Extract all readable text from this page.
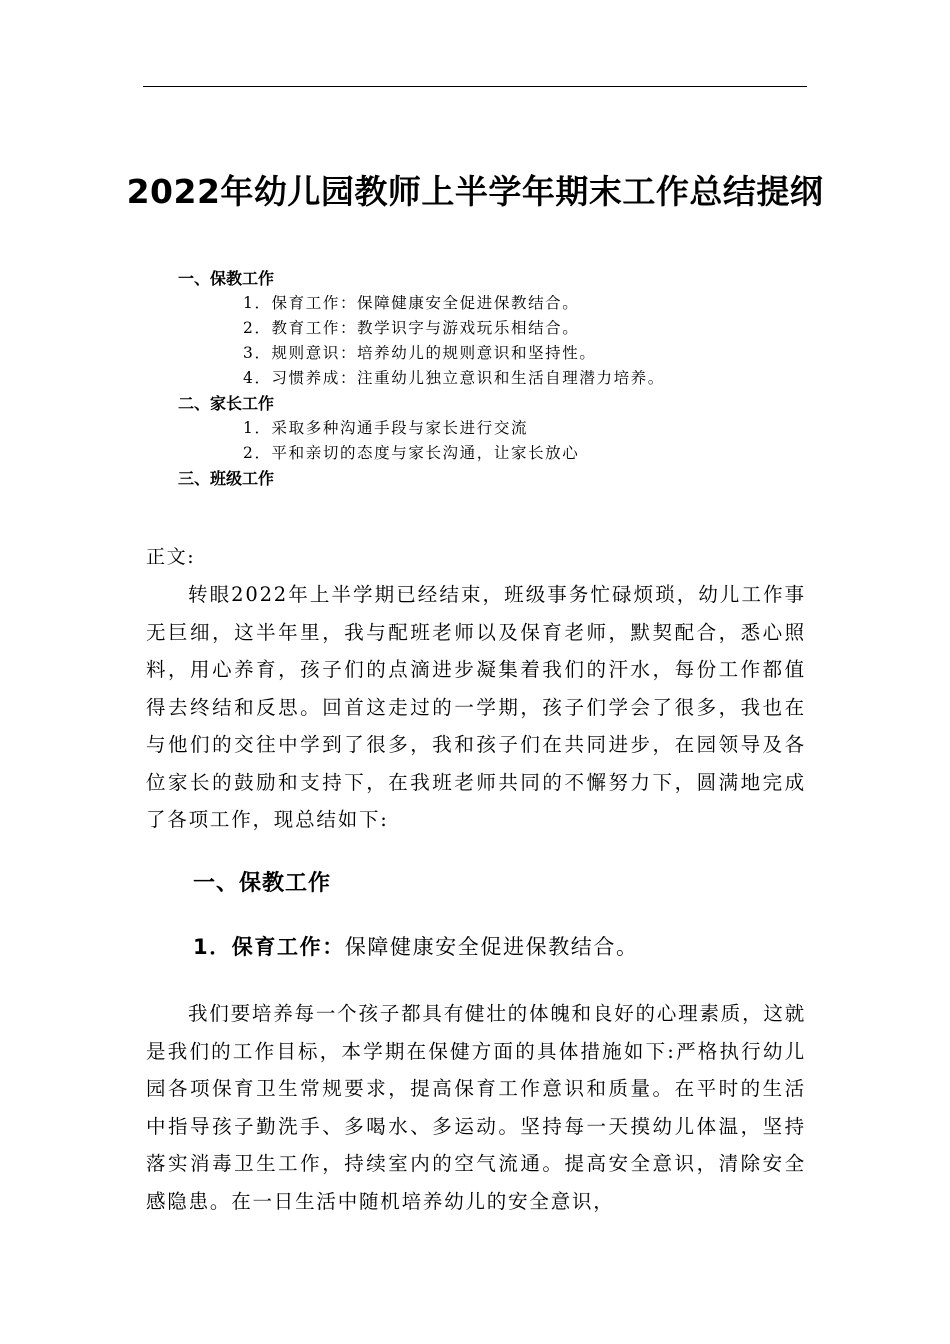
2022年幼儿园教师上半学年期末工作总结提纲
一、保教工作
1．保育工作：保障健康安全促进保教结合。
2．教育工作：教学识字与游戏玩乐相结合。
3．规则意识：培养幼儿的规则意识和坚持性。
4．习惯养成：注重幼儿独立意识和生活自理潜力培养。
二、家长工作
1．采取多种沟通手段与家长进行交流
2．平和亲切的态度与家长沟通，让家长放心
三、班级工作
正文:
转眼2022年上半学期已经结束，班级事务忙碌烦琐，幼儿工作事无巨细，这半年里，我与配班老师以及保育老师，默契配合，悉心照料，用心养育，孩子们的点滴进步凝集着我们的汗水，每份工作都值得去终结和反思。回首这走过的一学期，孩子们学会了很多，我也在与他们的交往中学到了很多，我和孩子们在共同进步，在园领导及各位家长的鼓励和支持下，在我班老师共同的不懈努力下，圆满地完成了各项工作，现总结如下:
一、保教工作
1．保育工作：保障健康安全促进保教结合。
我们要培养每一个孩子都具有健壮的体魄和良好的心理素质，这就是我们的工作目标，本学期在保健方面的具体措施如下:严格执行幼儿园各项保育卫生常规要求，提高保育工作意识和质量。在平时的生活中指导孩子勤洗手、多喝水、多运动。坚持每一天摸幼儿体温，坚持落实消毒卫生工作，持续室内的空气流通。提高安全意识，清除安全感隐患。在一日生活中随机培养幼儿的安全意识，
